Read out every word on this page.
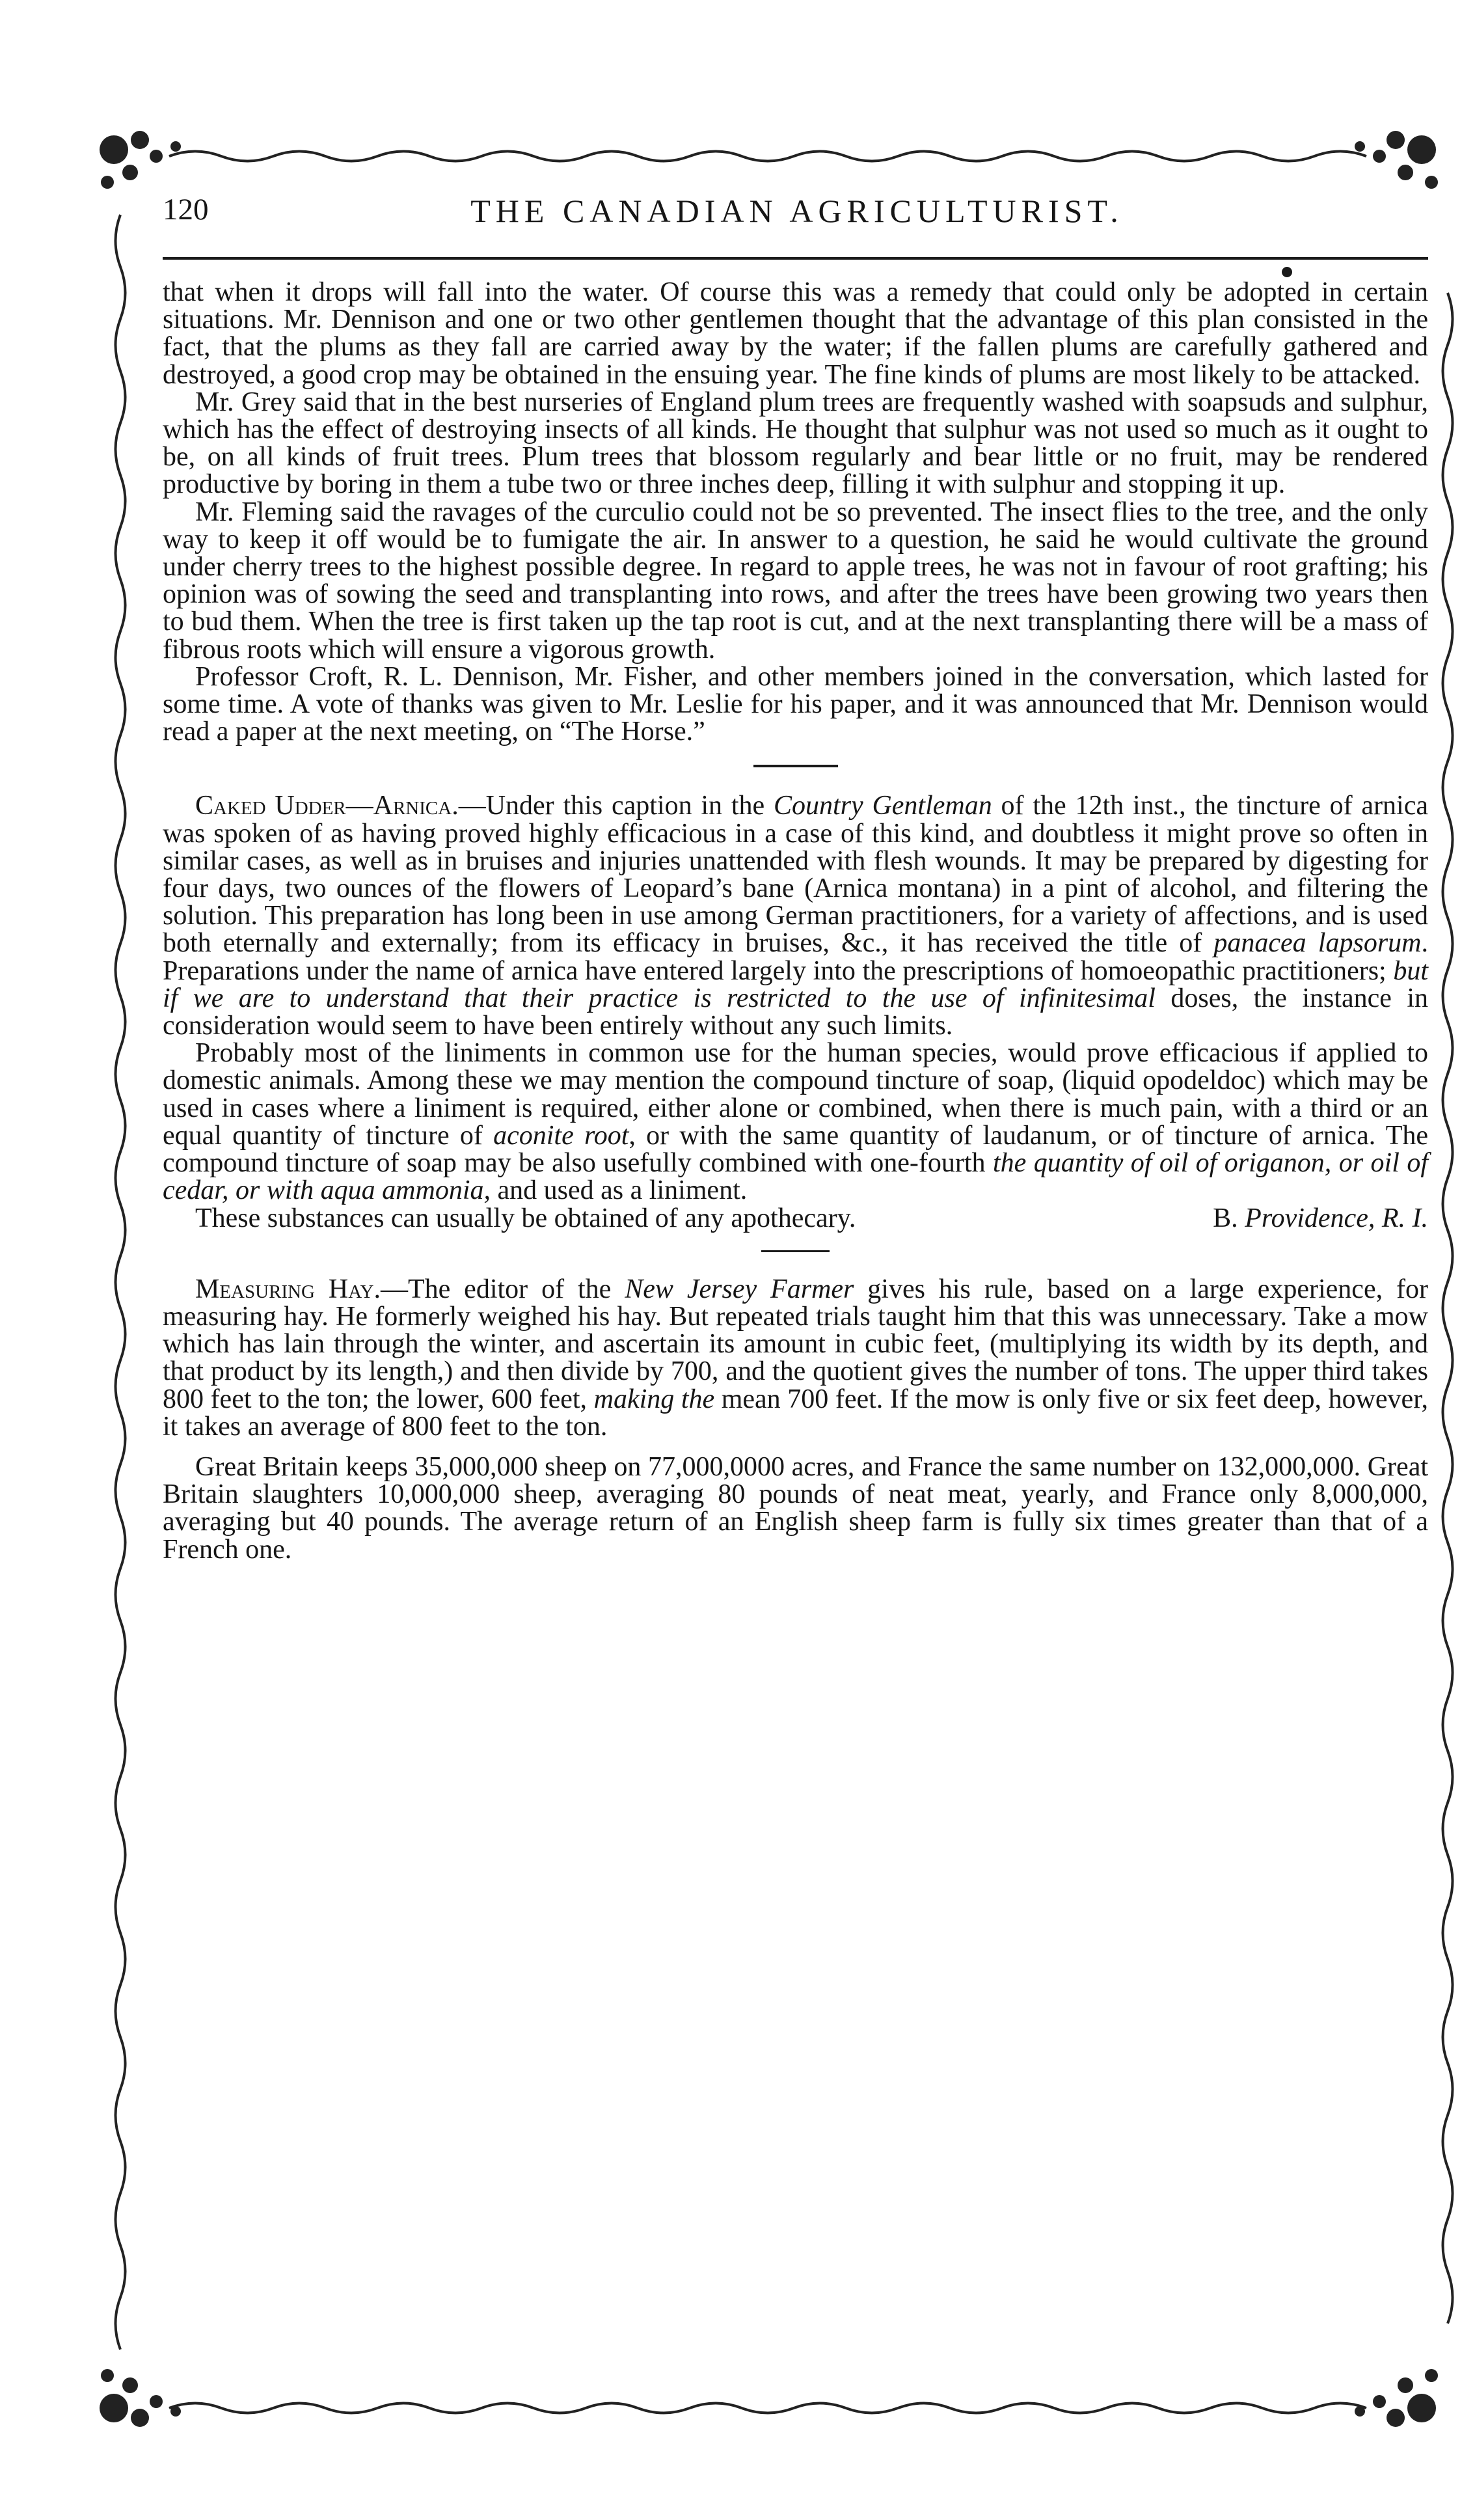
120	THE CANADIAN AGRICULTURIST.

that when it drops will fall into the water. Of course this was a remedy that could only be adopted in certain situations. Mr. Dennison and one or two other gentlemen thought that the advantage of this plan consisted in the fact, that the plums as they fall are carried away by the water; if the fallen plums are carefully gathered and destroyed, a good crop may be obtained in the ensuing year. The fine kinds of plums are most likely to be attacked.

Mr. Grey said that in the best nurseries of England plum trees are frequently washed with soapsuds and sulphur, which has the effect of destroying insects of all kinds. He thought that sulphur was not used so much as it ought to be, on all kinds of fruit trees. Plum trees that blossom regularly and bear little or no fruit, may be rendered productive by boring in them a tube two or three inches deep, filling it with sulphur and stopping it up.

Mr. Fleming said the ravages of the curculio could not be so prevented. The insect flies to the tree, and the only way to keep it off would be to fumigate the air. In answer to a question, he said he would cultivate the ground under cherry trees to the highest possible degree. In regard to apple trees, he was not in favour of root grafting; his opinion was of sowing the seed and transplanting into rows, and after the trees have been growing two years then to bud them. When the tree is first taken up the tap root is cut, and at the next transplanting there will be a mass of fibrous roots which will ensure a vigorous growth.

Professor Croft, R. L. Dennison, Mr. Fisher, and other members joined in the conversation, which lasted for some time. A vote of thanks was given to Mr. Leslie for his paper, and it was announced that Mr. Dennison would read a paper at the next meeting, on “The Horse.”

Caked Udder—Arnica.—Under this caption in the Country Gentleman of the 12th inst., the tincture of arnica was spoken of as having proved highly efficacious in a case of this kind, and doubtless it might prove so often in similar cases, as well as in bruises and injuries unattended with flesh wounds. It may be prepared by digesting for four days, two ounces of the flowers of Leopard’s bane (Arnica montana) in a pint of alcohol, and filtering the solution. This preparation has long been in use among German practitioners, for a variety of affections, and is used both eternally and externally; from its efficacy in bruises, &c., it has received the title of panacea lapsorum. Preparations under the name of arnica have entered largely into the prescriptions of homoeopathic practitioners; but if we are to understand that their practice is restricted to the use of infinitesimal doses, the instance in consideration would seem to have been entirely without any such limits.

Probably most of the liniments in common use for the human species, would prove efficacious if applied to domestic animals. Among these we may mention the compound tincture of soap, (liquid opodeldoc) which may be used in cases where a liniment is required, either alone or combined, when there is much pain, with a third or an equal quantity of tincture of aconite root, or with the same quantity of laudanum, or of tincture of arnica. The compound tincture of soap may be also usefully combined with one-fourth the quantity of oil of origanon, or oil of cedar, or with aqua ammonia, and used as a liniment.

These substances can usually be obtained of any apothecary.	B. Providence, R. I.

Measuring Hay.—The editor of the New Jersey Farmer gives his rule, based on a large experience, for measuring hay. He formerly weighed his hay. But repeated trials taught him that this was unnecessary. Take a mow which has lain through the winter, and ascertain its amount in cubic feet, (multiplying its width by its depth, and that product by its length,) and then divide by 700, and the quotient gives the number of tons. The upper third takes 800 feet to the ton; the lower, 600 feet, making the mean 700 feet. If the mow is only five or six feet deep, however, it takes an average of 800 feet to the ton.

Great Britain keeps 35,000,000 sheep on 77,000,0000 acres, and France the same number on 132,000,000. Great Britain slaughters 10,000,000 sheep, averaging 80 pounds of neat meat, yearly, and France only 8,000,000, averaging but 40 pounds. The average return of an English sheep farm is fully six times greater than that of a French one.
